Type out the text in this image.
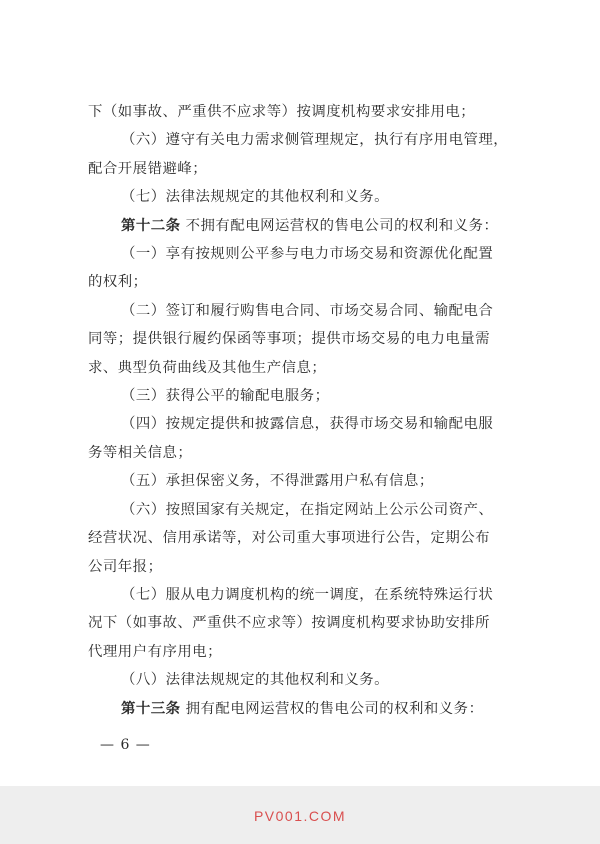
下（如事故、严重供不应求等）按调度机构要求安排用电；

（六）遵守有关电力需求侧管理规定，执行有序用电管理，

配合开展错避峰；

（七）法律法规规定的其他权利和义务。

第十二条 不拥有配电网运营权的售电公司的权利和义务：

（一）享有按规则公平参与电力市场交易和资源优化配置

的权利；

（二）签订和履行购售电合同、市场交易合同、输配电合

同等；提供银行履约保函等事项；提供市场交易的电力电量需

求、典型负荷曲线及其他生产信息；

（三）获得公平的输配电服务；

（四）按规定提供和披露信息，获得市场交易和输配电服

务等相关信息；

（五）承担保密义务，不得泄露用户私有信息；

（六）按照国家有关规定，在指定网站上公示公司资产、

经营状况、信用承诺等，对公司重大事项进行公告，定期公布

公司年报；

（七）服从电力调度机构的统一调度，在系统特殊运行状

况下（如事故、严重供不应求等）按调度机构要求协助安排所

代理用户有序用电；

（八）法律法规规定的其他权利和义务。

第十三条 拥有配电网运营权的售电公司的权利和义务：

— 6 —
PV001.COM
